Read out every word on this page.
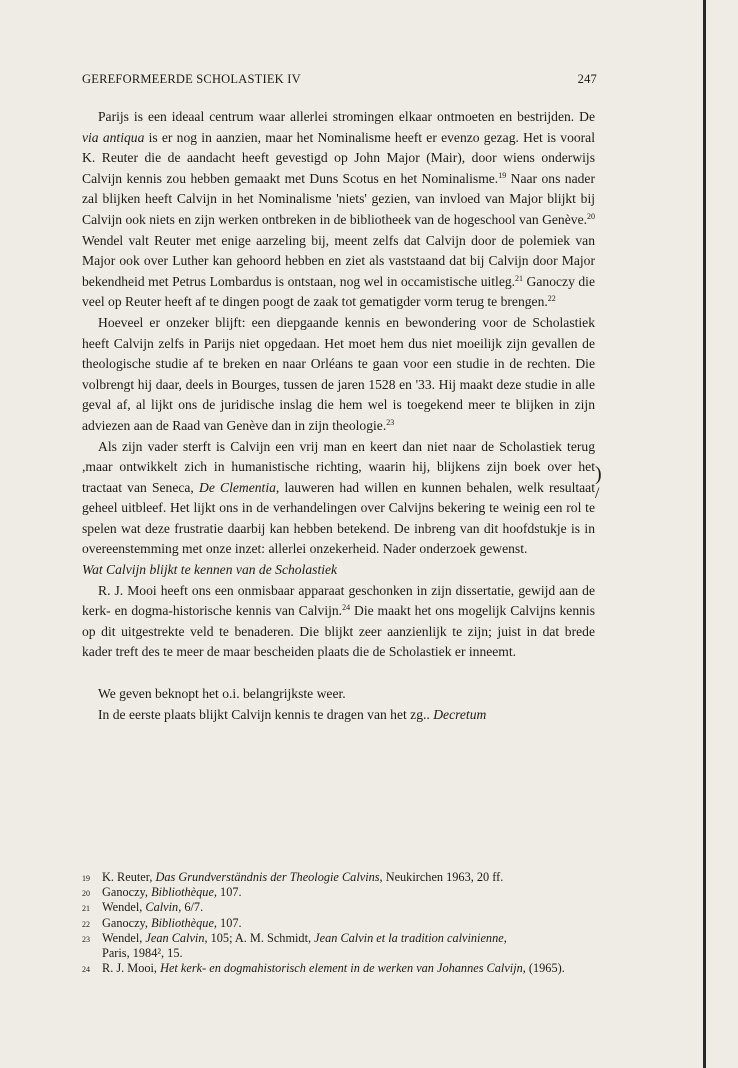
GEREFORMEERDE SCHOLASTIEK IV	247

Parijs is een ideaal centrum waar allerlei stromingen elkaar ontmoeten en bestrijden. De via antiqua is er nog in aanzien, maar het Nominalisme heeft er evenzo gezag. Het is vooral K. Reuter die de aandacht heeft gevestigd op John Major (Mair), door wiens onderwijs Calvijn kennis zou hebben gemaakt met Duns Scotus en het Nominalisme.$^{19}$ Naar ons nader zal blijken heeft Calvijn in het Nominalisme 'niets' gezien, van invloed van Major blijkt bij Calvijn ook niets en zijn werken ontbreken in de bibliotheek van de hogeschool van Genève.$^{20}$ Wendel valt Reuter met enige aarzeling bij, meent zelfs dat Calvijn door de polemiek van Major ook over Luther kan gehoord hebben en ziet als vaststaand dat bij Calvijn door Major bekendheid met Petrus Lombardus is ontstaan, nog wel in occamistische uitleg.$^{21}$ Ganoczy die veel op Reuter heeft af te dingen poogt de zaak tot gematigder vorm terug te brengen.$^{22}$

Hoeveel er onzeker blijft: een diepgaande kennis en bewondering voor de Scholastiek heeft Calvijn zelfs in Parijs niet opgedaan. Het moet hem dus niet moeilijk zijn gevallen de theologische studie af te breken en naar Orléans te gaan voor een studie in de rechten. Die volbrengt hij daar, deels in Bourges, tussen de jaren 1528 en '33. Hij maakt deze studie in alle geval af, al lijkt ons de juridische inslag die hem wel is toegekend meer te blijken in zijn adviezen aan de Raad van Genève dan in zijn theologie.$^{23}$

Als zijn vader sterft is Calvijn een vrij man en keert dan niet naar de Scholastiek terug ,maar ontwikkelt zich in humanistische richting, waarin hij, blijkens zijn boek over het tractaat van Seneca, De Clementia, lauweren had willen en kunnen behalen, welk resultaat geheel uitbleef. Het lijkt ons in de verhandelingen over Calvijns bekering te weinig een rol te spelen wat deze frustratie daarbij kan hebben betekend. De inbreng van dit hoofdstukje is in overeenstemming met onze inzet: allerlei onzekerheid. Nader onderzoek gewenst.

Wat Calvijn blijkt te kennen van de Scholastiek

R. J. Mooi heeft ons een onmisbaar apparaat geschonken in zijn dissertatie, gewijd aan de kerk- en dogma-historische kennis van Calvijn.$^{24}$ Die maakt het ons mogelijk Calvijns kennis op dit uitgestrekte veld te benaderen. Die blijkt zeer aanzienlijk te zijn; juist in dat brede kader treft des te meer de maar bescheiden plaats die de Scholastiek er inneemt.

We geven beknopt het o.i. belangrijkste weer.

In de eerste plaats blijkt Calvijn kennis te dragen van het zg.. Decretum

)
/
19 K. Reuter, Das Grundverständnis der Theologie Calvins, Neukirchen 1963, 20 ff.
20 Ganoczy, Bibliothèque, 107.
21 Wendel, Calvin, 6/7.
22 Ganoczy, Bibliothèque, 107.
23 Wendel, Jean Calvin, 105; A. M. Schmidt, Jean Calvin et la tradition calvinienne,
Paris, 1984², 15.
24 R. J. Mooi, Het kerk- en dogmahistorisch element in de werken van Johannes Calvijn, (1965).
